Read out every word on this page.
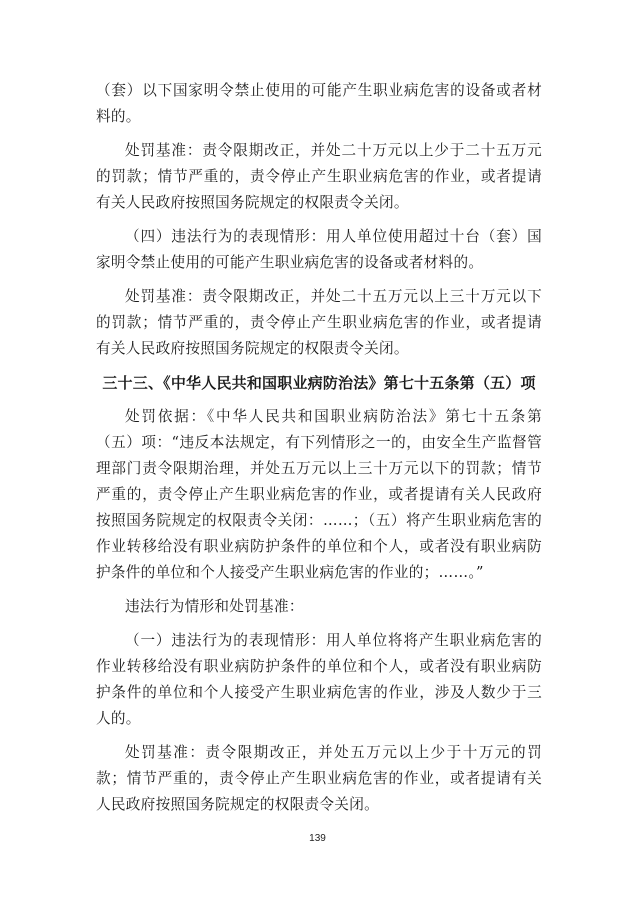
（套）以下国家明令禁止使用的可能产生职业病危害的设备或者材料的。

处罚基准：责令限期改正，并处二十万元以上少于二十五万元的罚款；情节严重的，责令停止产生职业病危害的作业，或者提请有关人民政府按照国务院规定的权限责令关闭。

（四）违法行为的表现情形：用人单位使用超过十台（套）国家明令禁止使用的可能产生职业病危害的设备或者材料的。

处罚基准：责令限期改正，并处二十五万元以上三十万元以下的罚款；情节严重的，责令停止产生职业病危害的作业，或者提请有关人民政府按照国务院规定的权限责令关闭。

三十三、《中华人民共和国职业病防治法》第七十五条第（五）项

处罚依据：《中华人民共和国职业病防治法》第七十五条第（五）项：“违反本法规定，有下列情形之一的，由安全生产监督管理部门责令限期治理，并处五万元以上三十万元以下的罚款；情节严重的，责令停止产生职业病危害的作业，或者提请有关人民政府按照国务院规定的权限责令关闭：……；（五）将产生职业病危害的作业转移给没有职业病防护条件的单位和个人，或者没有职业病防护条件的单位和个人接受产生职业病危害的作业的；……。”

违法行为情形和处罚基准：

（一）违法行为的表现情形：用人单位将将产生职业病危害的作业转移给没有职业病防护条件的单位和个人，或者没有职业病防护条件的单位和个人接受产生职业病危害的作业，涉及人数少于三人的。

处罚基准：责令限期改正，并处五万元以上少于十万元的罚款；情节严重的，责令停止产生职业病危害的作业，或者提请有关人民政府按照国务院规定的权限责令关闭。

139
